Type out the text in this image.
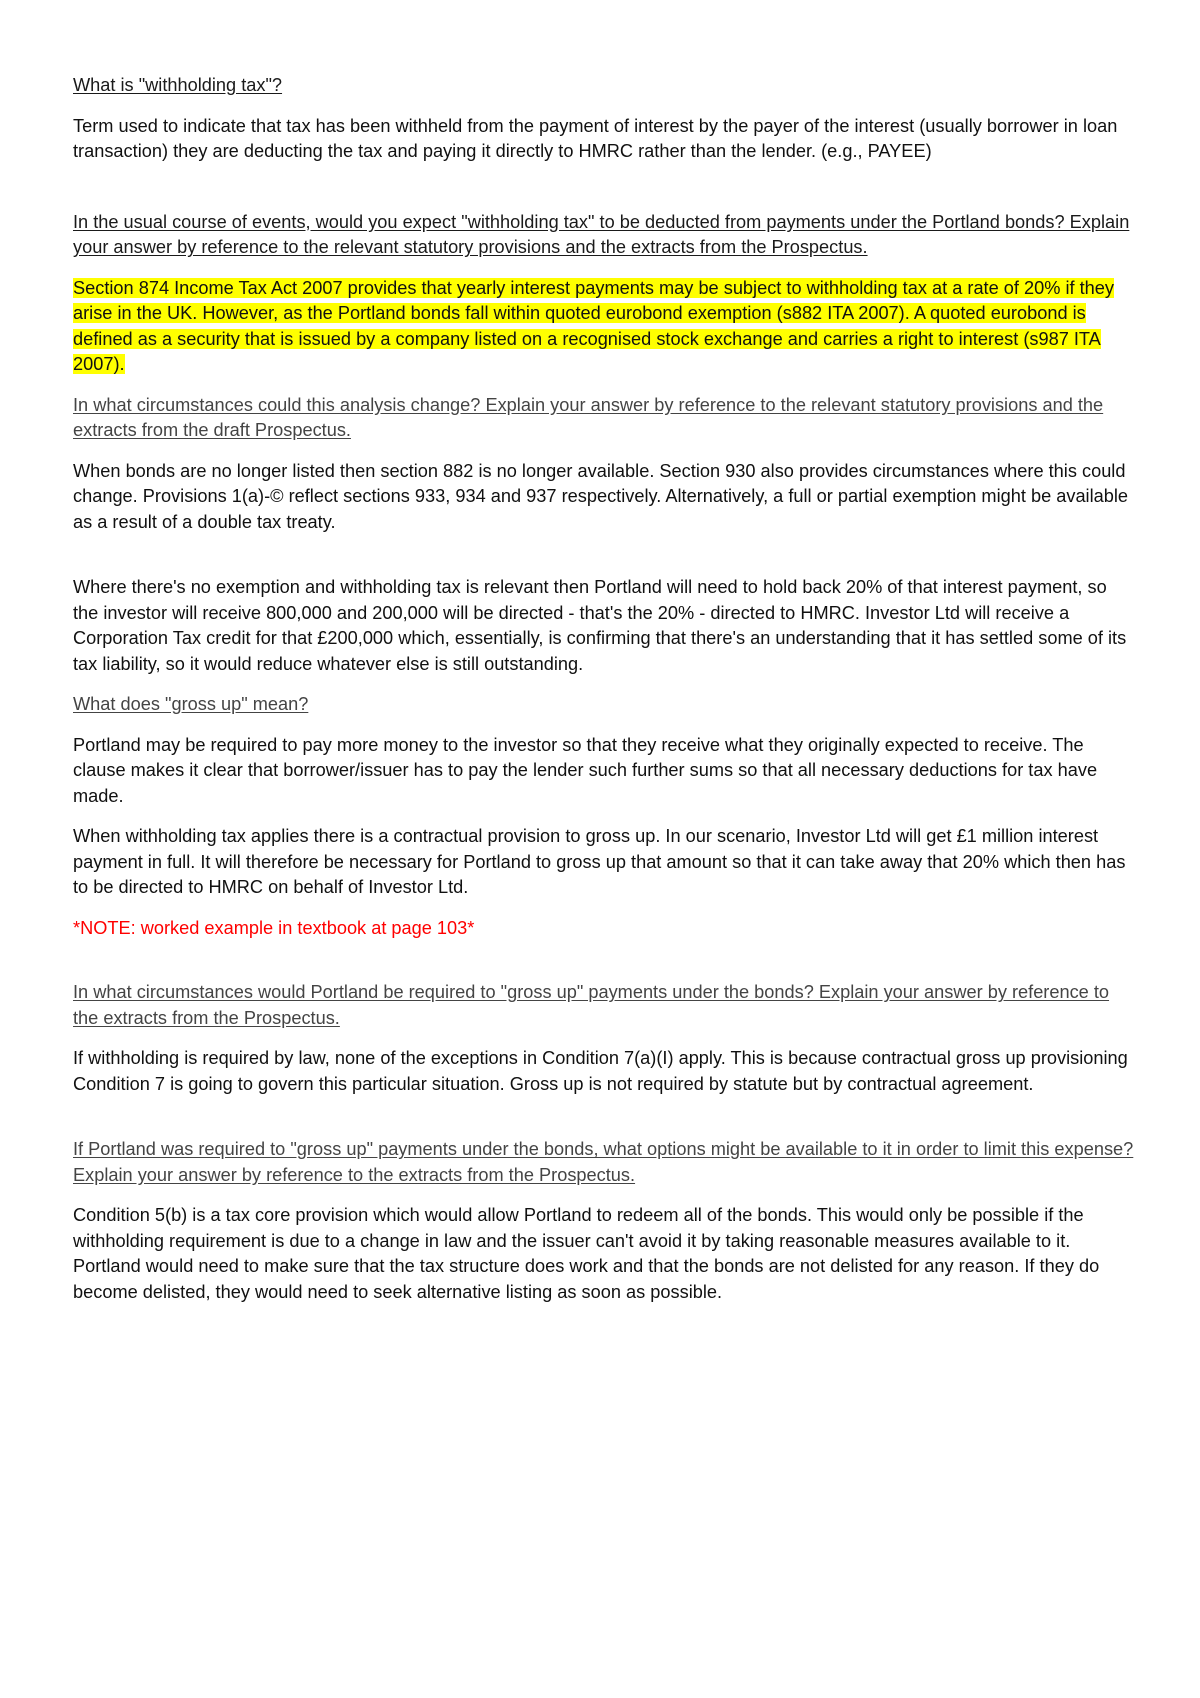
What is "withholding tax"?

Term used to indicate that tax has been withheld from the payment of interest by the payer of the interest (usually borrower in loan transaction) they are deducting the tax and paying it directly to HMRC rather than the lender. (e.g., PAYEE)

In the usual course of events, would you expect "withholding tax" to be deducted from payments under the Portland bonds? Explain your answer by reference to the relevant statutory provisions and the extracts from the Prospectus.

Section 874 Income Tax Act 2007 provides that yearly interest payments may be subject to withholding tax at a rate of 20% if they arise in the UK. However, as the Portland bonds fall within quoted eurobond exemption (s882 ITA 2007). A quoted eurobond is defined as a security that is issued by a company listed on a recognised stock exchange and carries a right to interest (s987 ITA 2007).

In what circumstances could this analysis change? Explain your answer by reference to the relevant statutory provisions and the extracts from the draft Prospectus.

When bonds are no longer listed then section 882 is no longer available. Section 930 also provides circumstances where this could change. Provisions 1(a)-© reflect sections 933, 934 and 937 respectively. Alternatively, a full or partial exemption might be available as a result of a double tax treaty.

Where there's no exemption and withholding tax is relevant then Portland will need to hold back 20% of that interest payment, so the investor will receive 800,000 and 200,000 will be directed - that's the 20% - directed to HMRC. Investor Ltd will receive a Corporation Tax credit for that £200,000 which, essentially, is confirming that there's an understanding that it has settled some of its tax liability, so it would reduce whatever else is still outstanding.

What does "gross up" mean?

Portland may be required to pay more money to the investor so that they receive what they originally expected to receive. The clause makes it clear that borrower/issuer has to pay the lender such further sums so that all necessary deductions for tax have made.

When withholding tax applies there is a contractual provision to gross up. In our scenario, Investor Ltd will get £1 million interest payment in full. It will therefore be necessary for Portland to gross up that amount so that it can take away that 20% which then has to be directed to HMRC on behalf of Investor Ltd.

*NOTE: worked example in textbook at page 103*

In what circumstances would Portland be required to "gross up" payments under the bonds? Explain your answer by reference to the extracts from the Prospectus.

If withholding is required by law, none of the exceptions in Condition 7(a)(I) apply. This is because contractual gross up provisioning Condition 7 is going to govern this particular situation. Gross up is not required by statute but by contractual agreement.

If Portland was required to "gross up" payments under the bonds, what options might be available to it in order to limit this expense? Explain your answer by reference to the extracts from the Prospectus.

Condition 5(b) is a tax core provision which would allow Portland to redeem all of the bonds. This would only be possible if the withholding requirement is due to a change in law and the issuer can't avoid it by taking reasonable measures available to it. Portland would need to make sure that the tax structure does work and that the bonds are not delisted for any reason. If they do become delisted, they would need to seek alternative listing as soon as possible.
